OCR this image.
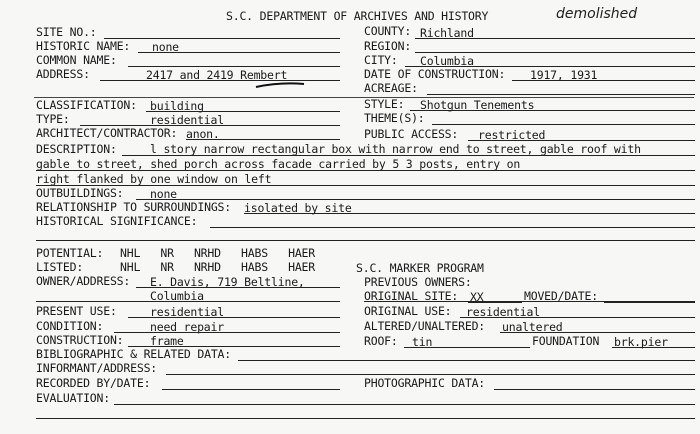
S.C. DEPARTMENT OF ARCHIVES AND HISTORY	demolished
SITE NO.:	COUNTY: Richland
HISTORIC NAME: none	REGION:
COMMON NAME:	CITY: Columbia
ADDRESS:	2417 and 2419 Rembert	DATE OF CONSTRUCTION: 1917, 1931
ACREAGE:
CLASSIFICATION: building	STYLE: Shotgun Tenements
TYPE:	residential	THEME(S):
ARCHITECT/CONTRACTOR: anon.	PUBLIC ACCESS: restricted
DESCRIPTION:	l story narrow rectangular box with narrow end to street, gable roof with
gable to street, shed porch across facade carried by 5 3 posts, entry on
right flanked by one window on left
OUTBUILDINGS: none
RELATIONSHIP TO SURROUNDINGS: isolated by site
HISTORICAL SIGNIFICANCE:
POTENTIAL: NHL   NR   NRHD   HABS   HAER
LISTED:	NHL   NR   NRHD   HABS   HAER	S.C. MARKER PROGRAM
OWNER/ADDRESS: E. Davis, 719 Beltline,
Columbia
PREVIOUS OWNERS:
ORIGINAL SITE: XX	MOVED/DATE:
PRESENT USE:	residential	ORIGINAL USE: residential
CONDITION:	need repair	ALTERED/UNALTERED: unaltered
CONSTRUCTION: frame	ROOF: tin	FOUNDATION brk.pier
BIBLIOGRAPHIC & RELATED DATA:
INFORMANT/ADDRESS:
RECORDED BY/DATE:	PHOTOGRAPHIC DATA:
EVALUATION:
